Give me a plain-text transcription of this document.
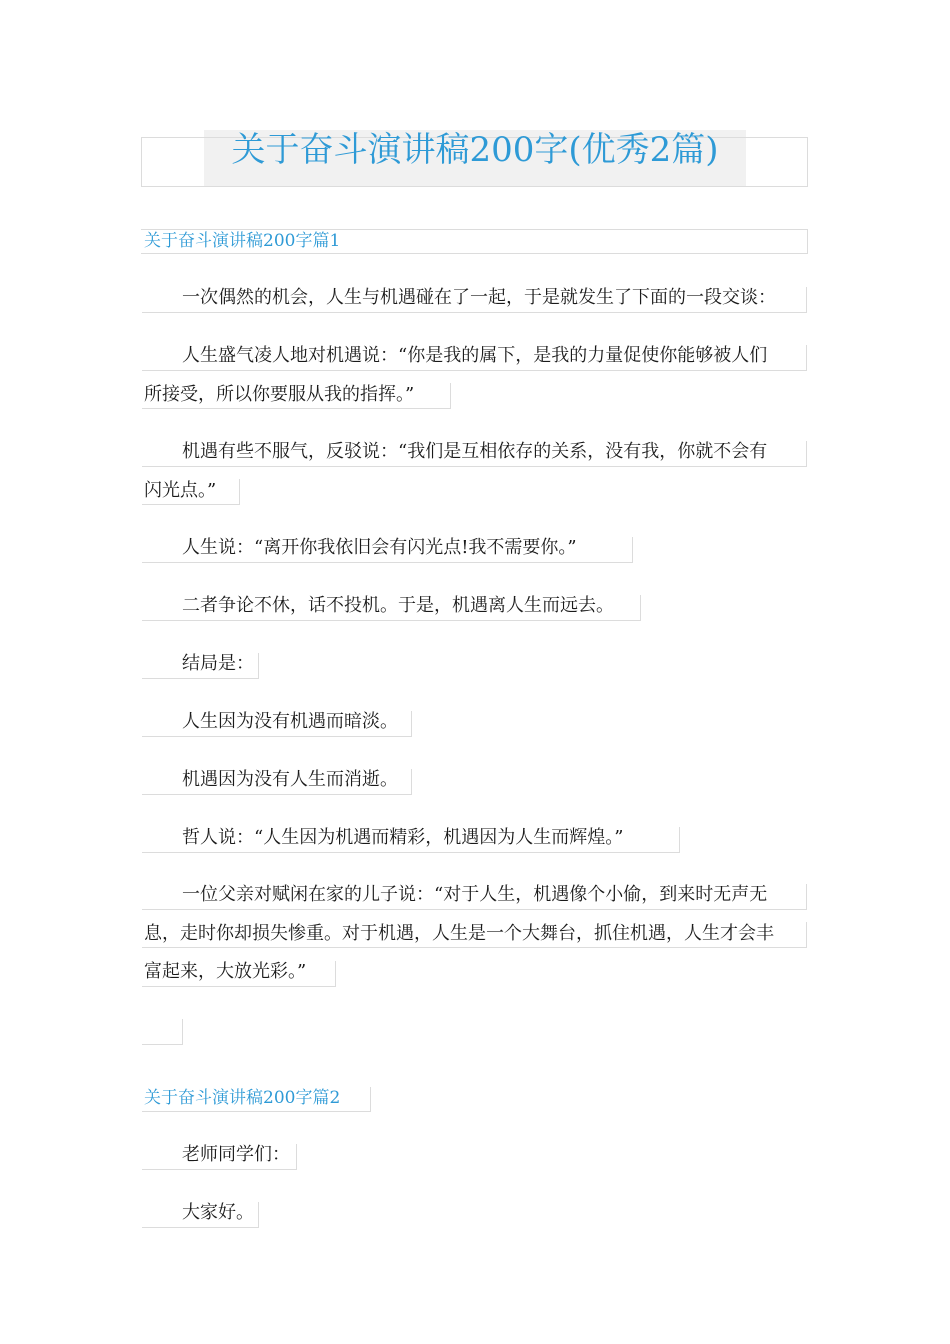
关于奋斗演讲稿200字(优秀2篇)
关于奋斗演讲稿200字篇1
一次偶然的机会，人生与机遇碰在了一起，于是就发生了下面的一段交谈：
人生盛气凌人地对机遇说：“你是我的属下，是我的力量促使你能够被人们
所接受，所以你要服从我的指挥。”
机遇有些不服气，反驳说：“我们是互相依存的关系，没有我，你就不会有
闪光点。”
人生说：“离开你我依旧会有闪光点!我不需要你。”
二者争论不休，话不投机。于是，机遇离人生而远去。
结局是：
人生因为没有机遇而暗淡。
机遇因为没有人生而消逝。
哲人说：“人生因为机遇而精彩，机遇因为人生而辉煌。”
一位父亲对赋闲在家的儿子说：“对于人生，机遇像个小偷，到来时无声无
息，走时你却损失惨重。对于机遇，人生是一个大舞台，抓住机遇，人生才会丰
富起来，大放光彩。”
关于奋斗演讲稿200字篇2
老师同学们：
大家好。
